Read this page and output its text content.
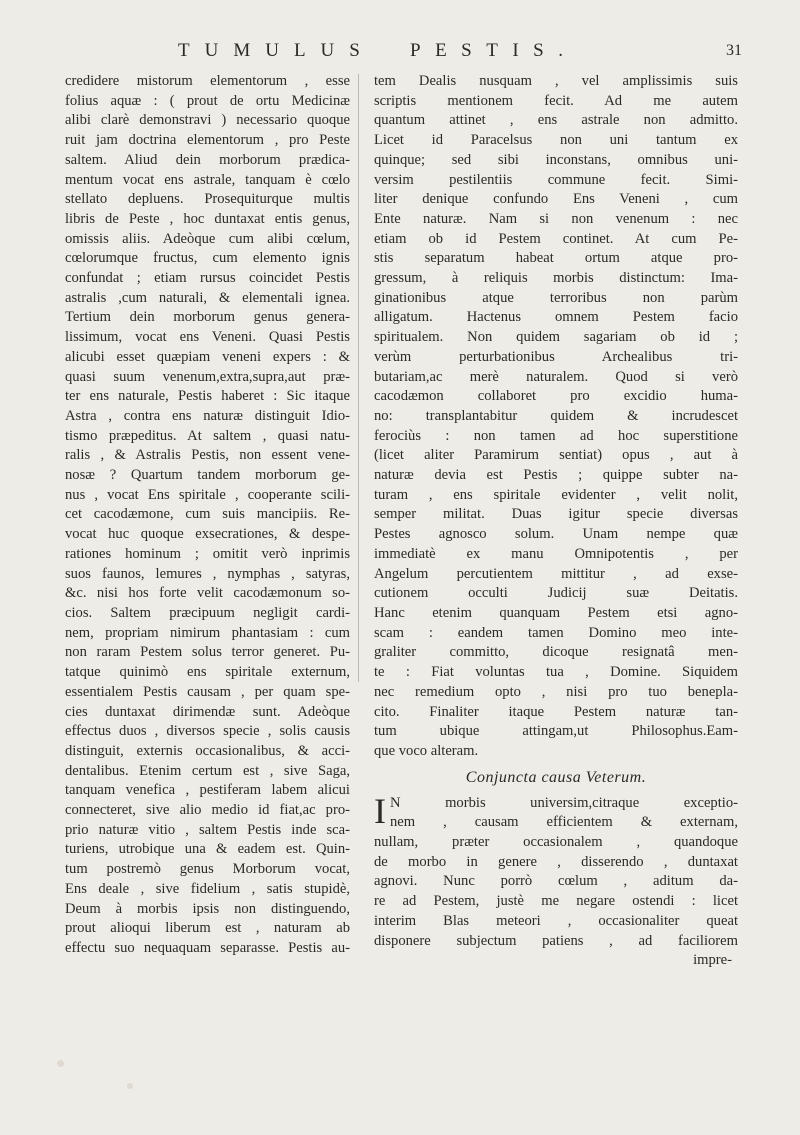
TUMULUS PESTIS.	31
credidere mistorum elementorum , esse
folius aquæ : ( prout de ortu Medicinæ
alibi clarè demonstravi ) necessario quoque
ruit jam doctrina elementorum , pro Peste
saltem. Aliud dein morborum prædica-
mentum vocat ens astrale, tanquam è cœlo
stellato depluens. Prosequiturque multis
libris de Peste , hoc duntaxat entis genus,
omissis aliis. Adeòque cum alibi cœlum,
cœlorumque fructus, cum elemento ignis
confundat ; etiam rursus coincidet Pestis
astralis ,cum naturali, & elementali ignea.
Tertium dein morborum genus genera-
lissimum, vocat ens Veneni. Quasi Pestis
alicubi esset quæpiam veneni expers : &
quasi suum venenum,extra,supra,aut præ-
ter ens naturale, Pestis haberet : Sic itaque
Astra , contra ens naturæ distinguit Idio-
tismo præpeditus. At saltem , quasi natu-
ralis , & Astralis Pestis, non essent vene-
nosæ ? Quartum tandem morborum ge-
nus , vocat Ens spiritale , cooperante scili-
cet cacodæmone, cum suis mancipiis. Re-
vocat huc quoque exsecrationes, & despe-
rationes hominum ; omitit verò inprimis
suos faunos, lemures , nymphas , satyras,
&c. nisi hos forte velit cacodæmonum so-
cios. Saltem præcipuum negligit cardi-
nem, propriam nimirum phantasiam : cum
non raram Pestem solus terror generet. Pu-
tatque quinimò ens spiritale externum,
essentialem Pestis causam , per quam spe-
cies duntaxat dirimendæ sunt. Adeòque
effectus duos , diversos specie , solis causis
distinguit, externis occasionalibus, & acci-
dentalibus. Etenim certum est , sive Saga,
tanquam venefica , pestiferam labem alicui
connecteret, sive alio medio id fiat,ac pro-
prio naturæ vitio , saltem Pestis inde sca-
turiens, utrobique una & eadem est. Quin-
tum postremò genus Morborum vocat,
Ens deale , sive fidelium , satis stupidè,
Deum à morbis ipsis non distinguendo,
prout alioqui liberum est , naturam ab
effectu suo nequaquam separasse. Pestis au-
tem Dealis nusquam , vel amplissimis suis
scriptis mentionem fecit. Ad me autem
quantum attinet , ens astrale non admitto.
Licet id Paracelsus non uni tantum ex
quinque; sed sibi inconstans, omnibus uni-
versim pestilentiis commune fecit. Simi-
liter denique confundo Ens Veneni , cum
Ente naturæ. Nam si non venenum : nec
etiam ob id Pestem continet. At cum Pe-
stis separatum habeat ortum atque pro-
gressum, à reliquis morbis distinctum: Ima-
ginationibus atque terroribus non parùm
alligatum. Hactenus omnem Pestem facio
spiritualem. Non quidem sagariam ob id ;
verùm perturbationibus Archealibus tri-
butariam,ac merè naturalem. Quod si verò
cacodæmon collaboret pro excidio huma-
no: transplantabitur quidem & incrudescet
ferociùs : non tamen ad hoc superstitione
(licet aliter Paramirum sentiat) opus , aut à
naturæ devia est Pestis ; quippe subter na-
turam , ens spiritale evidenter , velit nolit,
semper militat. Duas igitur specie diversas
Pestes agnosco solum. Unam nempe quæ
immediatè ex manu Omnipotentis , per
Angelum percutientem mittitur , ad exse-
cutionem occulti Judicij suæ Deitatis.
Hanc etenim quanquam Pestem etsi agno-
scam : eandem tamen Domino meo inte-
graliter committo, dicoque resignatâ men-
te : Fiat voluntas tua , Domine. Siquidem
nec remedium opto , nisi pro tuo benepla-
cito. Finaliter itaque Pestem naturæ tan-
tum ubique attingam,ut Philosophus.Eam-
que voco alteram.
Conjuncta causa Veterum.
I N morbis universim,citraque exceptio-
nem , causam efficientem & externam,
nullam, præter occasionalem , quandoque
de morbo in genere , disserendo , duntaxat
agnovi. Nunc porrò cœlum , aditum da-
re ad Pestem, justè me negare ostendi : licet
interim Blas meteori , occasionaliter queat
disponere subjectum patiens , ad faciliorem
impre-
